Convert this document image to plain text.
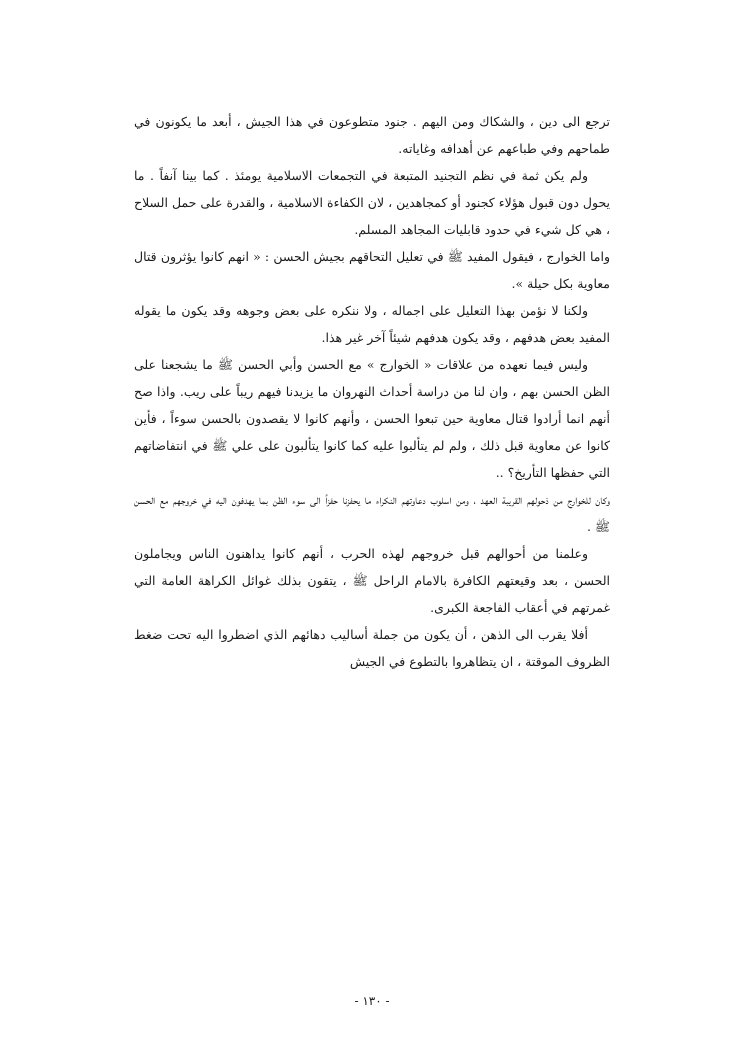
ترجع الى دين ، والشكاك ومن اليهم . جنود متطوعون في هذا الجيش ، أبعد ما يكونون في طماحهم وفي طباعهم عن أهدافه وغاياته.

ولم يكن ثمة في نظم التجنيد المتبعة في التجمعات الاسلامية يومئذ . كما بينا آنفاً . ما يحول دون قبول هؤلاء كجنود أو كمجاهدين ، لان الكفاءة الاسلامية ، والقدرة على حمل السلاح ، هي كل شيء في حدود قابليات المجاهد المسلم.

واما الخوارج ، فيقول المفيد ﷺ في تعليل التحاقهم بجيش الحسن : « انهم كانوا يؤثرون قتال معاوية بكل حيلة ».

ولكنا لا نؤمن بهذا التعليل على اجماله ، ولا ننكره على بعض وجوهه وقد يكون ما يقوله المفيد بعض هدفهم ، وقد يكون هدفهم شيئاً آخر غير هذا.

وليس فيما نعهده من علاقات « الخوارج » مع الحسن وأبي الحسن ﷺ ما يشجعنا على الظن الحسن بهم ، وان لنا من دراسة أحداث النهروان ما يزيدنا فيهم ريباً على ريب. واذا صح أنهم انما أرادوا قتال معاوية حين تبعوا الحسن ، وأنهم كانوا لا يقصدون بالحسن سوءاً ، فأين كانوا عن معاوية قبل ذلك ، ولم لم يتألبوا عليه كما كانوا يتألبون على علي ﷺ في انتفاضاتهم التي حفظها التأريخ؟ ..

وكان للخوارج من ذحولهم القريبة العهد ، ومن اسلوب دعاوتهم النكراء ما يحفزنا حفزاً الى سوء الظن بما يهدفون اليه في خروجهم مع الحسن ﷺ .

وعلمنا من أحوالهم قبل خروجهم لهذه الحرب ، أنهم كانوا يداهنون الناس ويجاملون الحسن ، بعد وقيعتهم الكافرة بالامام الراحل ﷺ ، يتقون بذلك غوائل الكراهة العامة التي غمرتهم في أعقاب الفاجعة الكبرى.

أفلا يقرب الى الذهن ، أن يكون من جملة أساليب دهائهم الذي اضطروا اليه تحت ضغط الظروف الموقتة ، ان يتظاهروا بالتطوع في الجيش

- ١٣٠ -
